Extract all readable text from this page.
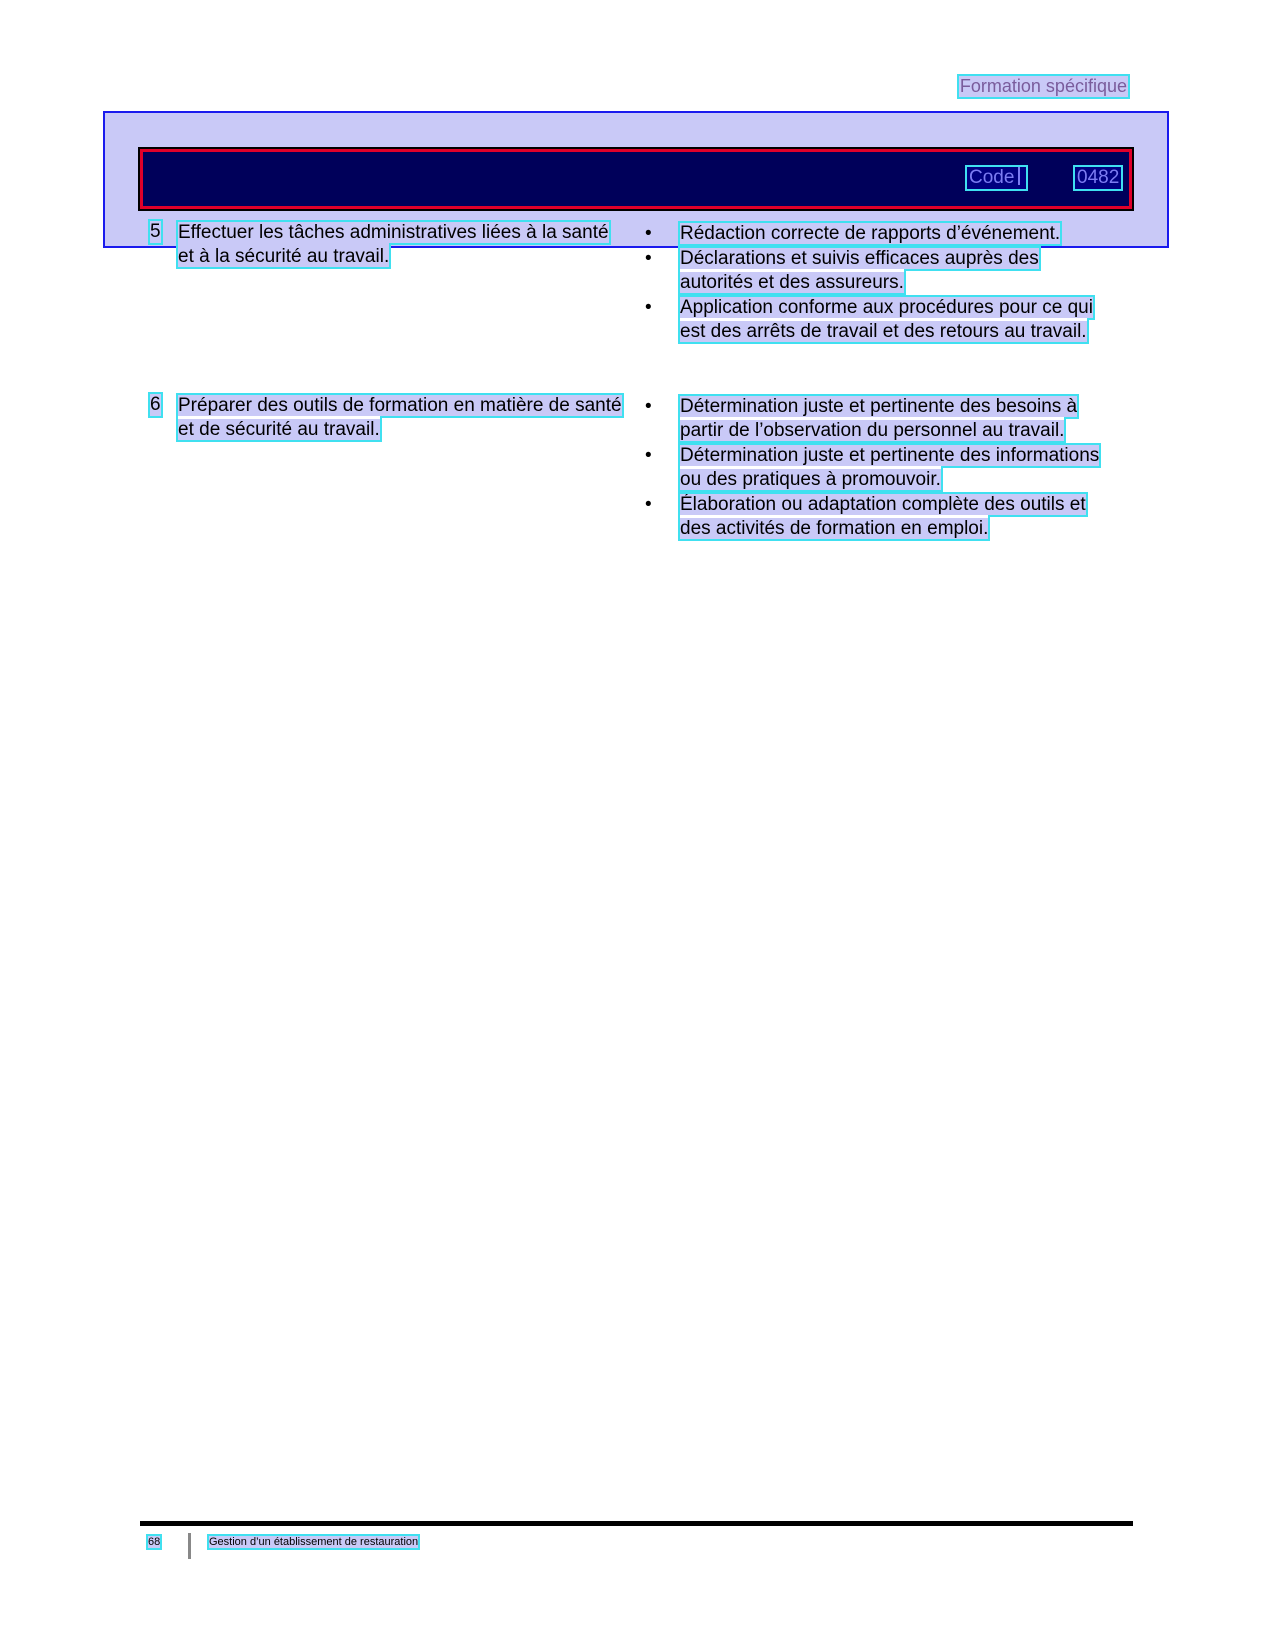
Formation spécifique
Code	0482
5 Effectuer les tâches administratives liées à la santé et à la sécurité au travail.
•	Rédaction correcte de rapports d’événement.
•	Déclarations et suivis efficaces auprès des autorités et des assureurs.
•	Application conforme aux procédures pour ce qui est des arrêts de travail et des retours au travail.
6 Préparer des outils de formation en matière de santé et de sécurité au travail.
•	Détermination juste et pertinente des besoins à partir de l’observation du personnel au travail.
•	Détermination juste et pertinente des informations ou des pratiques à promouvoir.
•	Élaboration ou adaptation complète des outils et des activités de formation en emploi.
68	Gestion d’un établissement de restauration
